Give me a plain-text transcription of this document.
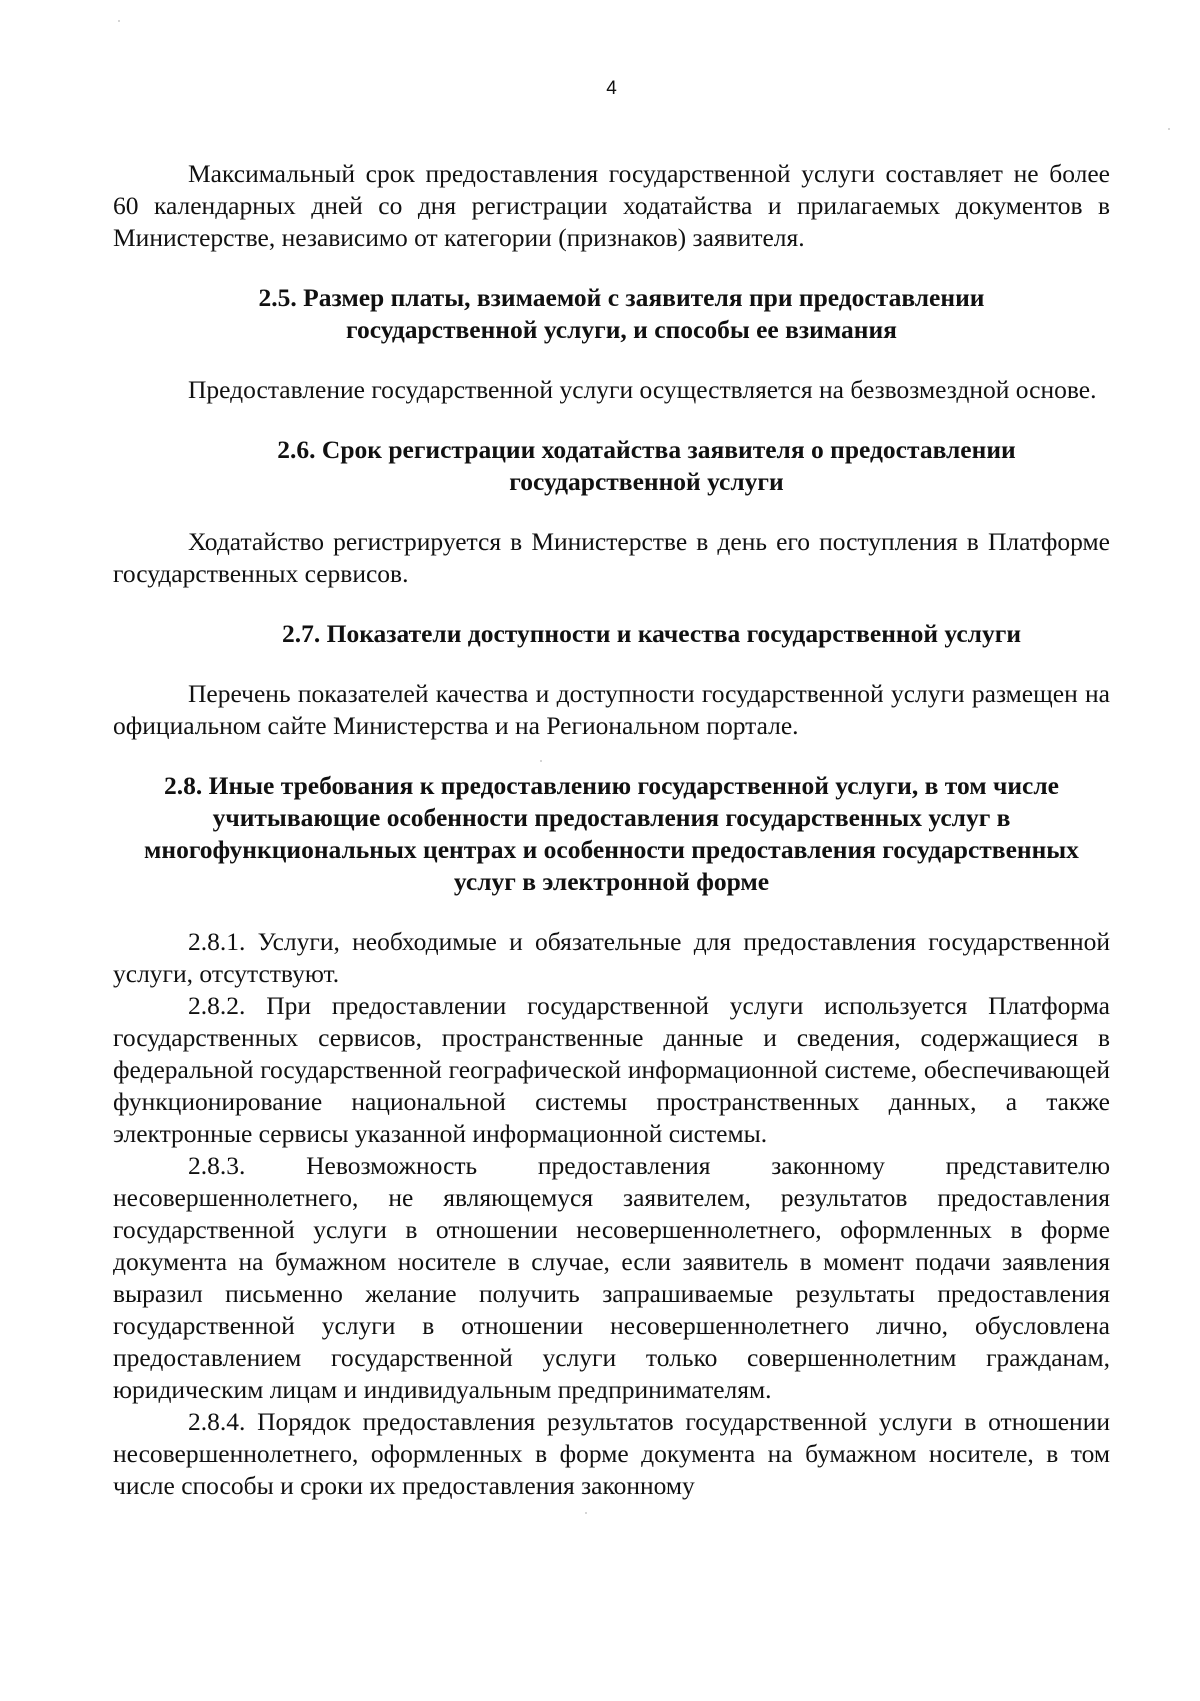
4

Максимальный срок предоставления государственной услуги составляет не более 60 календарных дней со дня регистрации ходатайства и прилагаемых документов в Министерстве, независимо от категории (признаков) заявителя.

2.5. Размер платы, взимаемой с заявителя при предоставлении государственной услуги, и способы ее взимания

Предоставление государственной услуги осуществляется на безвозмездной основе.

2.6. Срок регистрации ходатайства заявителя о предоставлении государственной услуги

Ходатайство регистрируется в Министерстве в день его поступления в Платформе государственных сервисов.

2.7. Показатели доступности и качества государственной услуги

Перечень показателей качества и доступности государственной услуги размещен на официальном сайте Министерства и на Региональном портале.

2.8. Иные требования к предоставлению государственной услуги, в том числе учитывающие особенности предоставления государственных услуг в многофункциональных центрах и особенности предоставления государственных услуг в электронной форме

2.8.1. Услуги, необходимые и обязательные для предоставления государственной услуги, отсутствуют.

2.8.2. При предоставлении государственной услуги используется Платформа государственных сервисов, пространственные данные и сведения, содержащиеся в федеральной государственной географической информационной системе, обеспечивающей функционирование национальной системы пространственных данных, а также электронные сервисы указанной информационной системы.

2.8.3. Невозможность предоставления законному представителю несовершеннолетнего, не являющемуся заявителем, результатов предоставления государственной услуги в отношении несовершеннолетнего, оформленных в форме документа на бумажном носителе в случае, если заявитель в момент подачи заявления выразил письменно желание получить запрашиваемые результаты предоставления государственной услуги в отношении несовершеннолетнего лично, обусловлена предоставлением государственной услуги только совершеннолетним гражданам, юридическим лицам и индивидуальным предпринимателям.

2.8.4. Порядок предоставления результатов государственной услуги в отношении несовершеннолетнего, оформленных в форме документа на бумажном носителе, в том числе способы и сроки их предоставления законному
